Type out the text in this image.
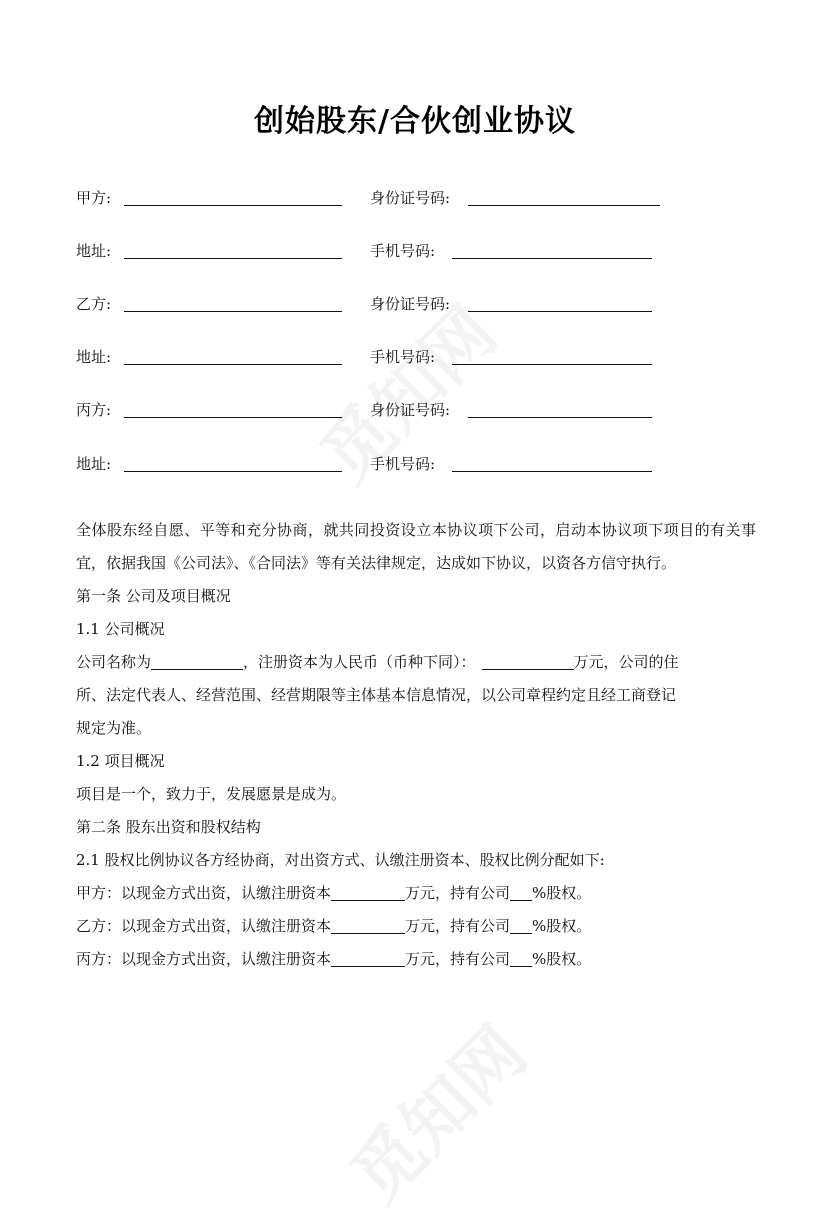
创始股东/合伙创业协议
甲方:	身份证号码:
地址:	手机号码:
乙方:	身份证号码:
地址:	手机号码:
丙方:	身份证号码:
地址:	手机号码:

全体股东经自愿、平等和充分协商，就共同投资设立本协议项下公司，启动本协议项下项目的有关事宜，依据我国《公司法》、《合同法》等有关法律规定，达成如下协议，以资各方信守执行。

第一条 公司及项目概况

1.1 公司概况

公司名称为	，注册资本为人民币（币种下同）：	万元，公司的住

所、法定代表人、经营范围、经营期限等主体基本信息情况，以公司章程约定且经工商登记

规定为准。

1.2 项目概况

项目是一个，致力于，发展愿景是成为。

第二条 股东出资和股权结构

2.1 股权比例协议各方经协商，对出资方式、认缴注册资本、股权比例分配如下:

甲方：以现金方式出资，认缴注册资本	万元，持有公司 %股权。

乙方：以现金方式出资，认缴注册资本	万元，持有公司 %股权。

丙方：以现金方式出资，认缴注册资本	万元，持有公司 %股权。
